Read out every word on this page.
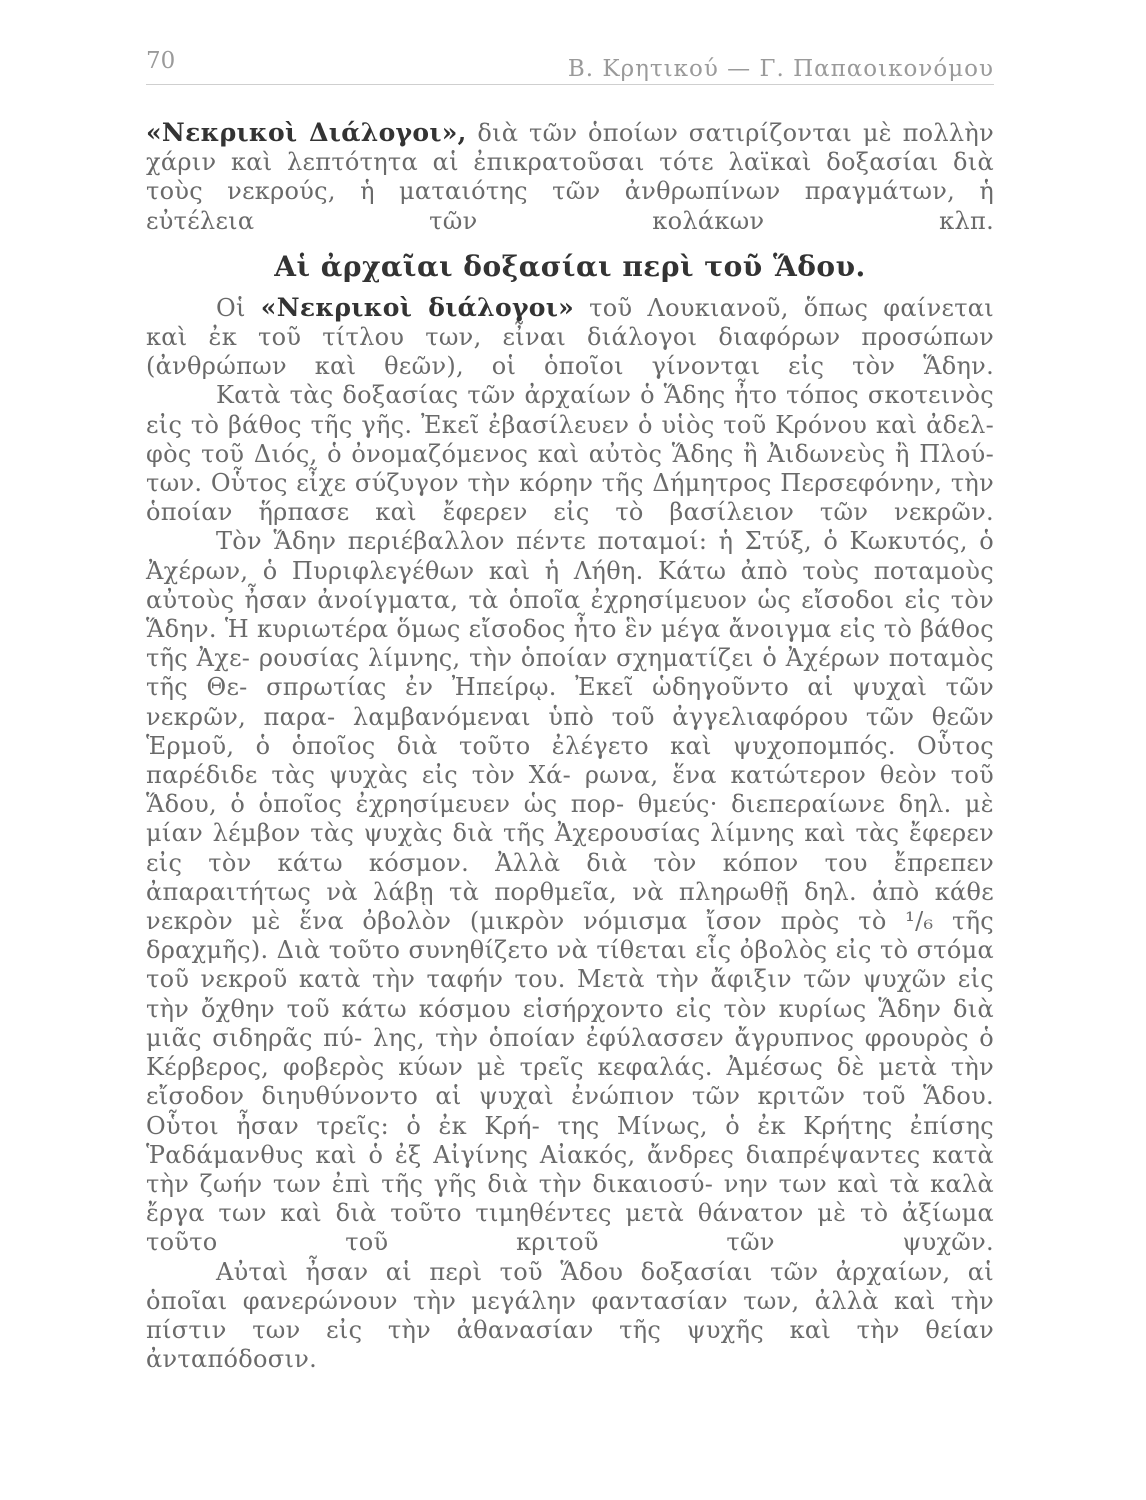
70	Β. Κρητικού — Γ. Παπαοικονόμου

«Νεκρικοὶ Διάλογοι», διὰ τῶν ὁποίων σατιρίζονται μὲ πολλὴν χάριν καὶ λεπτότητα αἱ ἐπικρατοῦσαι τότε λαϊκαὶ δοξασίαι διὰ τοὺς νεκρούς, ἡ ματαιότης τῶν ἀνθρωπίνων πραγμάτων, ἡ εὐτέλεια τῶν κολάκων κλπ.

Αἱ ἀρχαῖαι δοξασίαι περὶ τοῦ Ἅδου.

Οἱ «Νεκρικοὶ διάλογοι» τοῦ Λουκιανοῦ, ὅπως φαίνεται καὶ ἐκ τοῦ τίτλου των, εἶναι διάλογοι διαφόρων προσώπων (ἀνθρώπων καὶ θεῶν), οἱ ὁποῖοι γίνονται εἰς τὸν Ἅδην.

Κατὰ τὰς δοξασίας τῶν ἀρχαίων ὁ Ἅδης ἦτο τόπος σκοτεινὸς εἰς τὸ βάθος τῆς γῆς. Ἐκεῖ ἐβασίλευεν ὁ υἱὸς τοῦ Κρόνου καὶ ἀδελ- φὸς τοῦ Διός, ὁ ὀνομαζόμενος καὶ αὐτὸς Ἅδης ἢ Ἀιδωνεὺς ἢ Πλού- των. Οὗτος εἶχε σύζυγον τὴν κόρην τῆς Δήμητρος Περσεφόνην, τὴν ὁποίαν ἥρπασε καὶ ἔφερεν εἰς τὸ βασίλειον τῶν νεκρῶν.

Τὸν Ἅδην περιέβαλλον πέντε ποταμοί: ἡ Στύξ, ὁ Κωκυτός, ὁ Ἀχέρων, ὁ Πυριφλεγέθων καὶ ἡ Λήθη. Κάτω ἀπὸ τοὺς ποταμοὺς αὐτοὺς ἦσαν ἀνοίγματα, τὰ ὁποῖα ἐχρησίμευον ὡς εἴσοδοι εἰς τὸν Ἅδην. Ἡ κυριωτέρα ὅμως εἴσοδος ἦτο ἓν μέγα ἄνοιγμα εἰς τὸ βάθος τῆς Ἀχε- ρουσίας λίμνης, τὴν ὁποίαν σχηματίζει ὁ Ἀχέρων ποταμὸς τῆς Θε- σπρωτίας ἐν Ἠπείρῳ. Ἐκεῖ ὡδηγοῦντο αἱ ψυχαὶ τῶν νεκρῶν, παρα- λαμβανόμεναι ὑπὸ τοῦ ἀγγελιαφόρου τῶν θεῶν Ἑρμοῦ, ὁ ὁποῖος διὰ τοῦτο ἐλέγετο καὶ ψυχοπομπός. Οὗτος παρέδιδε τὰς ψυχὰς εἰς τὸν Χά- ρωνα, ἕνα κατώτερον θεὸν τοῦ Ἅδου, ὁ ὁποῖος ἐχρησίμευεν ὡς πορ- θμεύς· διεπεραίωνε δηλ. μὲ μίαν λέμβον τὰς ψυχὰς διὰ τῆς Ἀχερουσίας λίμνης καὶ τὰς ἔφερεν εἰς τὸν κάτω κόσμον. Ἀλλὰ διὰ τὸν κόπον του ἔπρεπεν ἀπαραιτήτως νὰ λάβῃ τὰ πορθμεῖα, νὰ πληρωθῇ δηλ. ἀπὸ κάθε νεκρὸν μὲ ἕνα ὀβολὸν (μικρὸν νόμισμα ἴσον πρὸς τὸ ¹/₆ τῆς δραχμῆς). Διὰ τοῦτο συνηθίζετο νὰ τίθεται εἷς ὀβολὸς εἰς τὸ στόμα τοῦ νεκροῦ κατὰ τὴν ταφήν του. Μετὰ τὴν ἄφιξιν τῶν ψυχῶν εἰς τὴν ὄχθην τοῦ κάτω κόσμου εἰσήρχοντο εἰς τὸν κυρίως Ἅδην διὰ μιᾶς σιδηρᾶς πύ- λης, τὴν ὁποίαν ἐφύλασσεν ἄγρυπνος φρουρὸς ὁ Κέρβερος, φοβερὸς κύων μὲ τρεῖς κεφαλάς. Ἀμέσως δὲ μετὰ τὴν εἴσοδον διηυθύνοντο αἱ ψυχαὶ ἐνώπιον τῶν κριτῶν τοῦ Ἅδου. Οὗτοι ἦσαν τρεῖς: ὁ ἐκ Κρή- της Μίνως, ὁ ἐκ Κρήτης ἐπίσης Ῥαδάμανθυς καὶ ὁ ἐξ Αἰγίνης Αἰακός, ἄνδρες διαπρέψαντες κατὰ τὴν ζωήν των ἐπὶ τῆς γῆς διὰ τὴν δικαιοσύ- νην των καὶ τὰ καλὰ ἔργα των καὶ διὰ τοῦτο τιμηθέντες μετὰ θάνατον μὲ τὸ ἀξίωμα τοῦτο τοῦ κριτοῦ τῶν ψυχῶν.

Αὐταὶ ἦσαν αἱ περὶ τοῦ Ἅδου δοξασίαι τῶν ἀρχαίων, αἱ ὁποῖαι φανερώνουν τὴν μεγάλην φαντασίαν των, ἀλλὰ καὶ τὴν πίστιν των εἰς τὴν ἀθανασίαν τῆς ψυχῆς καὶ τὴν θείαν ἀνταπόδοσιν.
